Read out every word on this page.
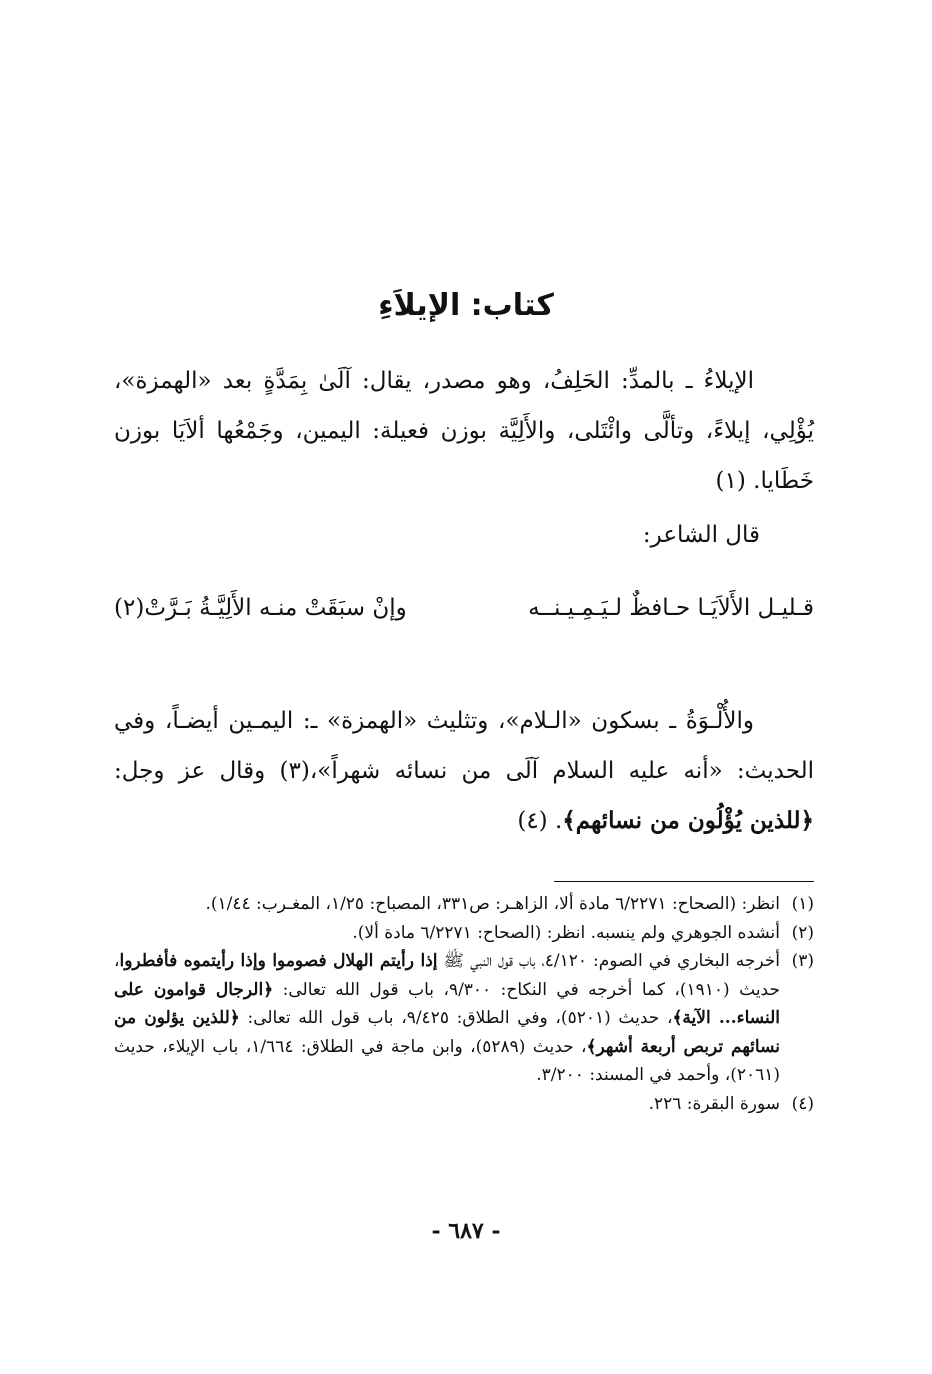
كتاب: الإيلاَءِ

الإيلاءُ ـ بالمدِّ: الحَلِفُ، وهو مصدر، يقال: آلَىٰ بِمَدَّةٍ بعد «الهمزة»، يُؤْلِي، إيلاءً، وتألَّى وائْتَلى، والأَلِيَّة بوزن فعيلة: اليمين، وجَمْعُها ألاَيَا بوزن خَطَايا. (١)

قال الشاعر:
قـليـل الأَلاَيَـا حـافظٌ لـيَـمِـيـنــه
وإنْ سبَقَتْ منـه الأَلِيَّـةُ بَـرَّتْ(٢)

والأُلْـوَةُ ـ بسكون «الـلام»، وتثليث «الهمزة» ـ: اليمـين أيضـاً، وفي الحديث: «أنه عليه السلام آلَى من نسائه شهراً»،(٣) وقال عز وجل: ﴿للذين يُؤْلُون من نسائهم﴾. (٤)

(١)
انظر: (الصحاح: ٦/٢٢٧١ مادة ألا، الزاهـر: ص٣٣١، المصباح: ١/٢٥، المغـرب: ١/٤٤).

(٢)
أنشده الجوهري ولم ينسبه. انظر: (الصحاح: ٦/٢٢٧١ مادة ألا).

(٣)
أخرجه البخاري في الصوم: ٤/١٢٠، باب قول النبي ﷺ إذا رأيتم الهلال فصوموا وإذا رأيتموه فأفطروا، حديث (١٩١٠)، كما أخرجه في النكاح: ٩/٣٠٠، باب قول الله تعالى: ﴿الرجال قوامون على النساء... الآية﴾، حديث (٥٢٠١)، وفي الطلاق: ٩/٤٢٥، باب قول الله تعالى: ﴿للذين يؤلون من نسائهم تربص أربعة أشهر﴾، حديث (٥٢٨٩)، وابن ماجة في الطلاق: ١/٦٦٤، باب الإيلاء، حديث (٢٠٦١)، وأحمد في المسند: ٣/٢٠٠.

(٤)
سورة البقرة: ٢٢٦.

- ٦٨٧ -
